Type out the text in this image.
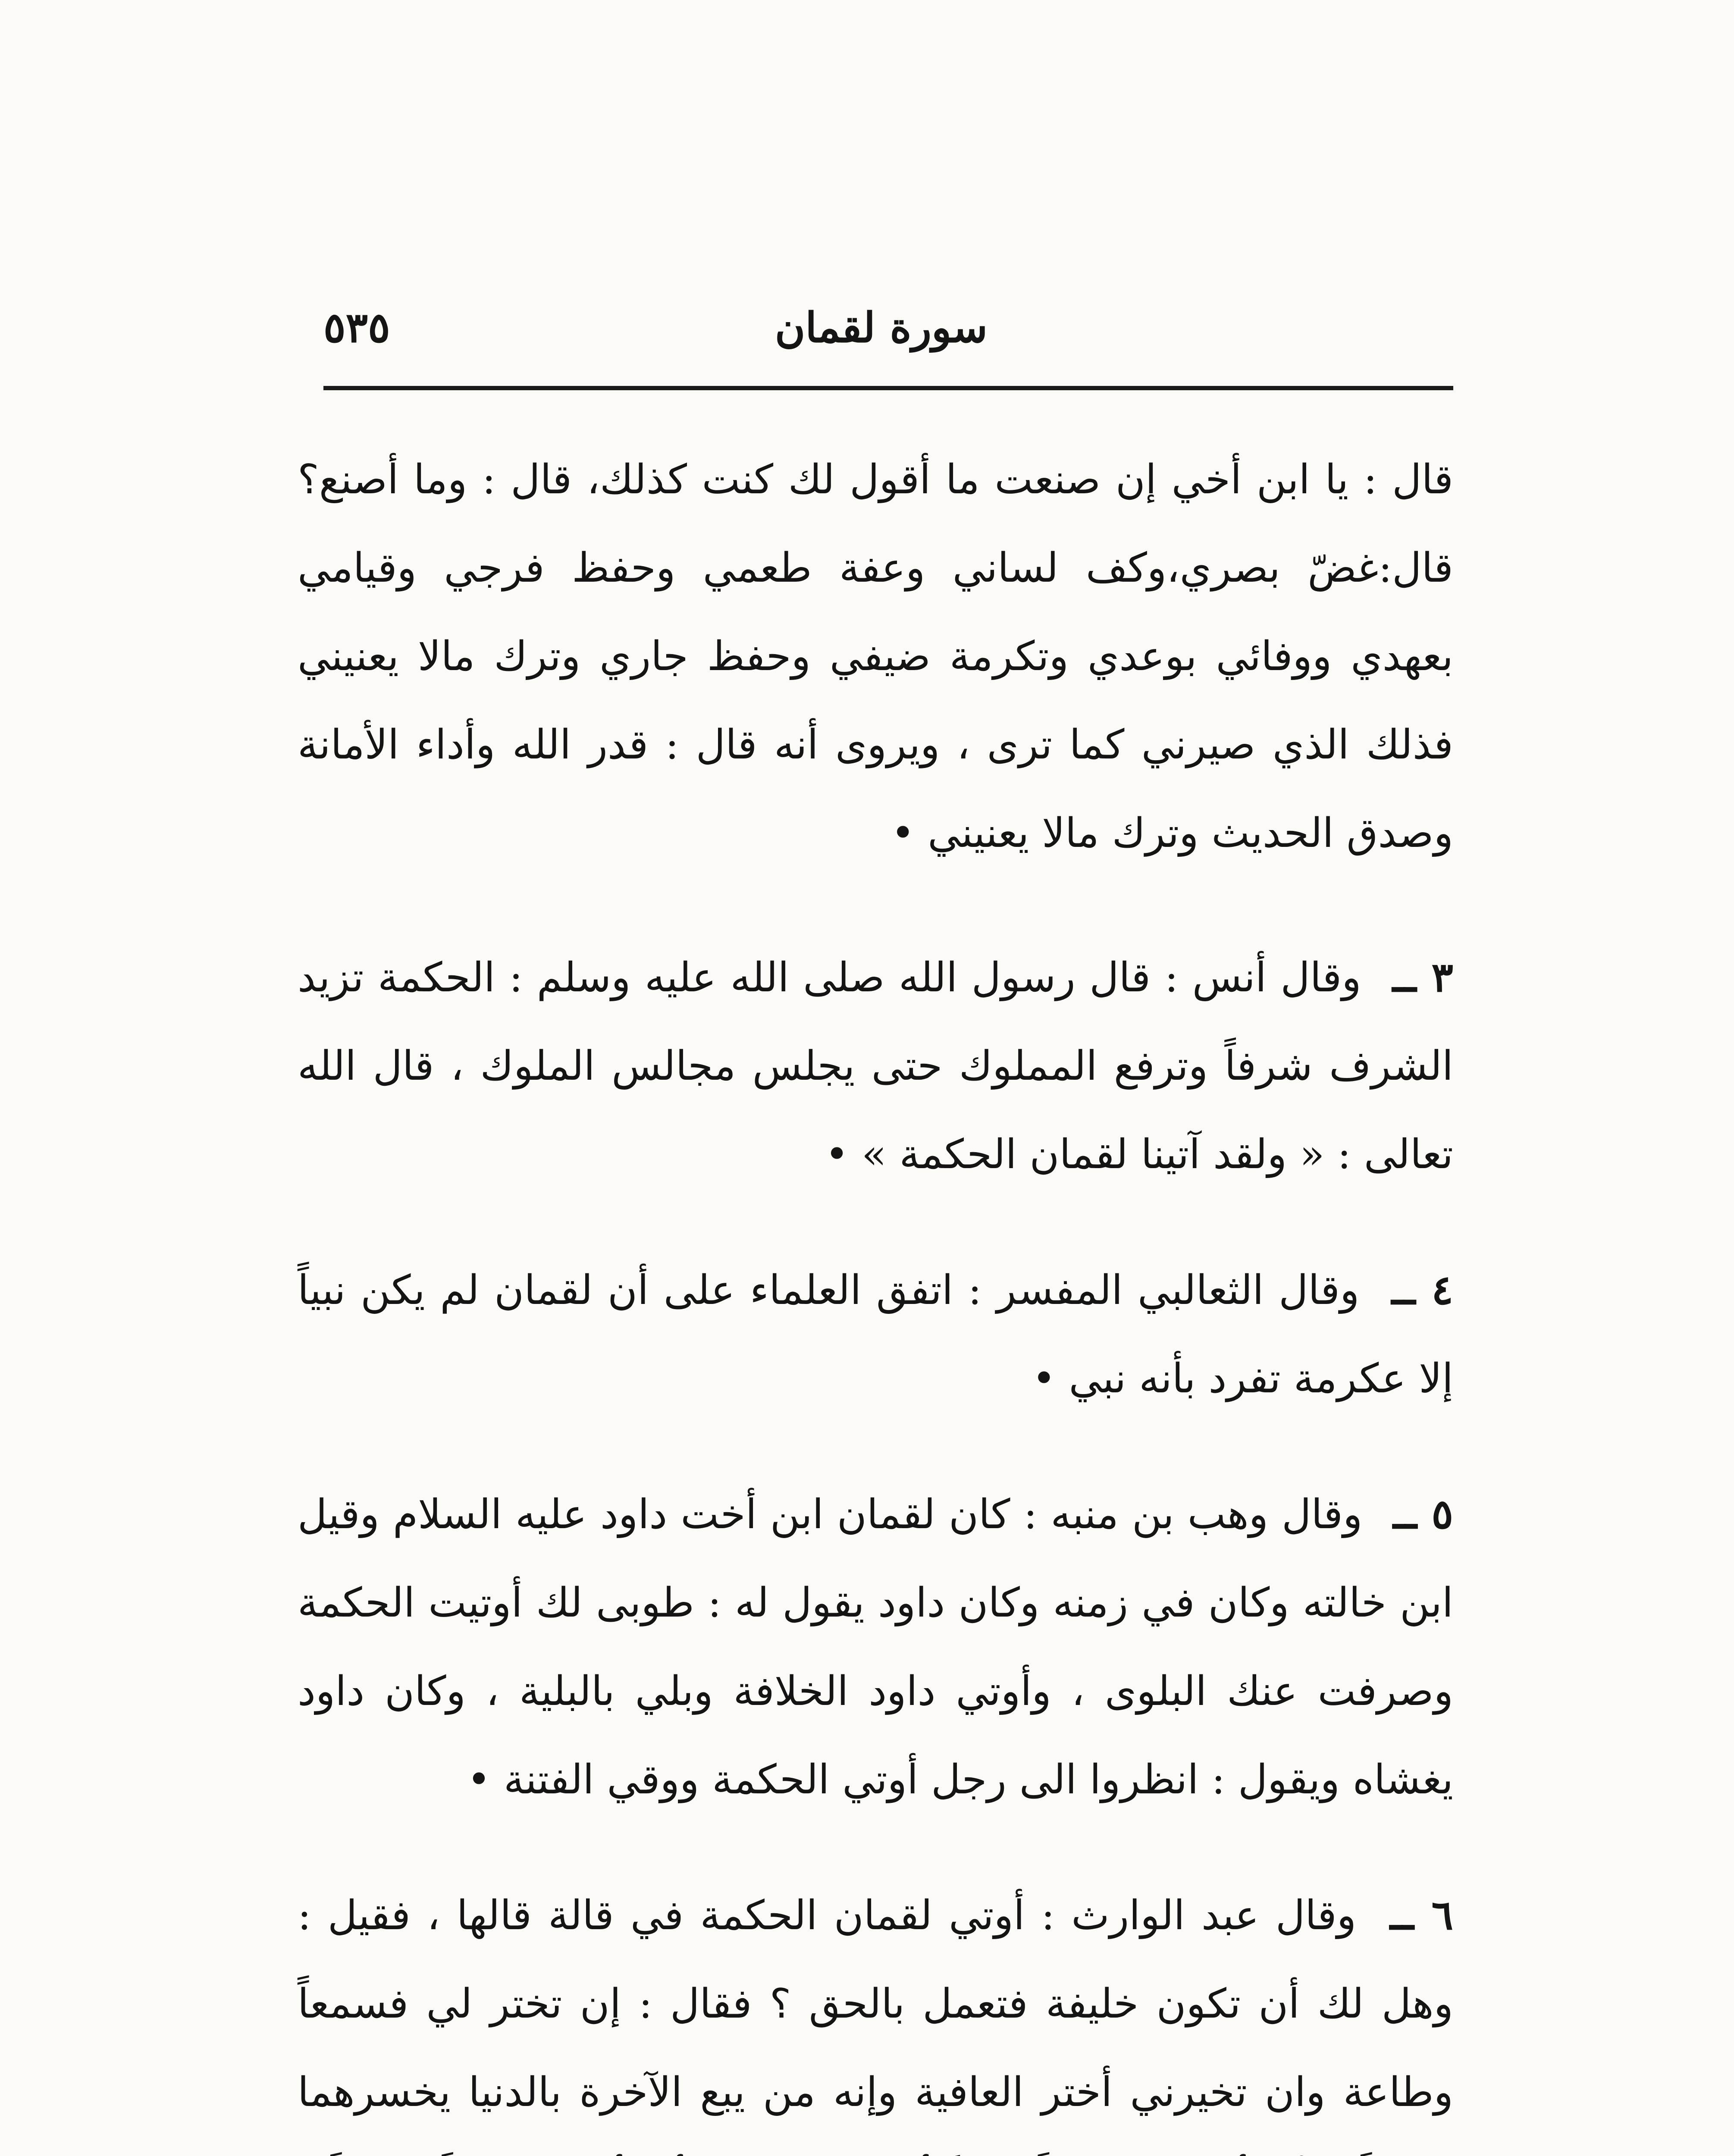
سورة لقمان
٥٣٥

قال : يا ابن أخي إن صنعت ما أقول لك كنت كذلك، قال : وما أصنع؟ قال:غضّ بصري،وكف لساني وعفة طعمي وحفظ فرجي وقيامي بعهدي ووفائي بوعدي وتكرمة ضيفي وحفظ جاري وترك مالا يعنيني فذلك الذي صيرني كما ترى ، ويروى أنه قال : قدر الله وأداء الأمانة وصدق الحديث وترك مالا يعنيني •

٣ ــ وقال أنس : قال رسول الله صلى الله عليه وسلم : الحكمة تزيد الشرف شرفاً وترفع المملوك حتى يجلس مجالس الملوك ، قال الله تعالى : « ولقد آتينا لقمان الحكمة » •

٤ ــ وقال الثعالبي المفسر : اتفق العلماء على أن لقمان لم يكن نبياً إلا عكرمة تفرد بأنه نبي •

٥ ــ وقال وهب بن منبه : كان لقمان ابن أخت داود عليه السلام وقيل ابن خالته وكان في زمنه وكان داود يقول له : طوبى لك أوتيت الحكمة وصرفت عنك البلوى ، وأوتي داود الخلافة وبلي بالبلية ، وكان داود يغشاه ويقول : انظروا الى رجل أوتي الحكمة ووقي الفتنة •

٦ ــ وقال عبد الوارث : أوتي لقمان الحكمة في قالة قالها ، فقيل : وهل لك أن تكون خليفة فتعمل بالحق ؟ فقال : إن تختر لي فسمعاً وطاعة وان تخيرني أختر العافية وإنه من يبع الآخرة بالدنيا يخسرهما
